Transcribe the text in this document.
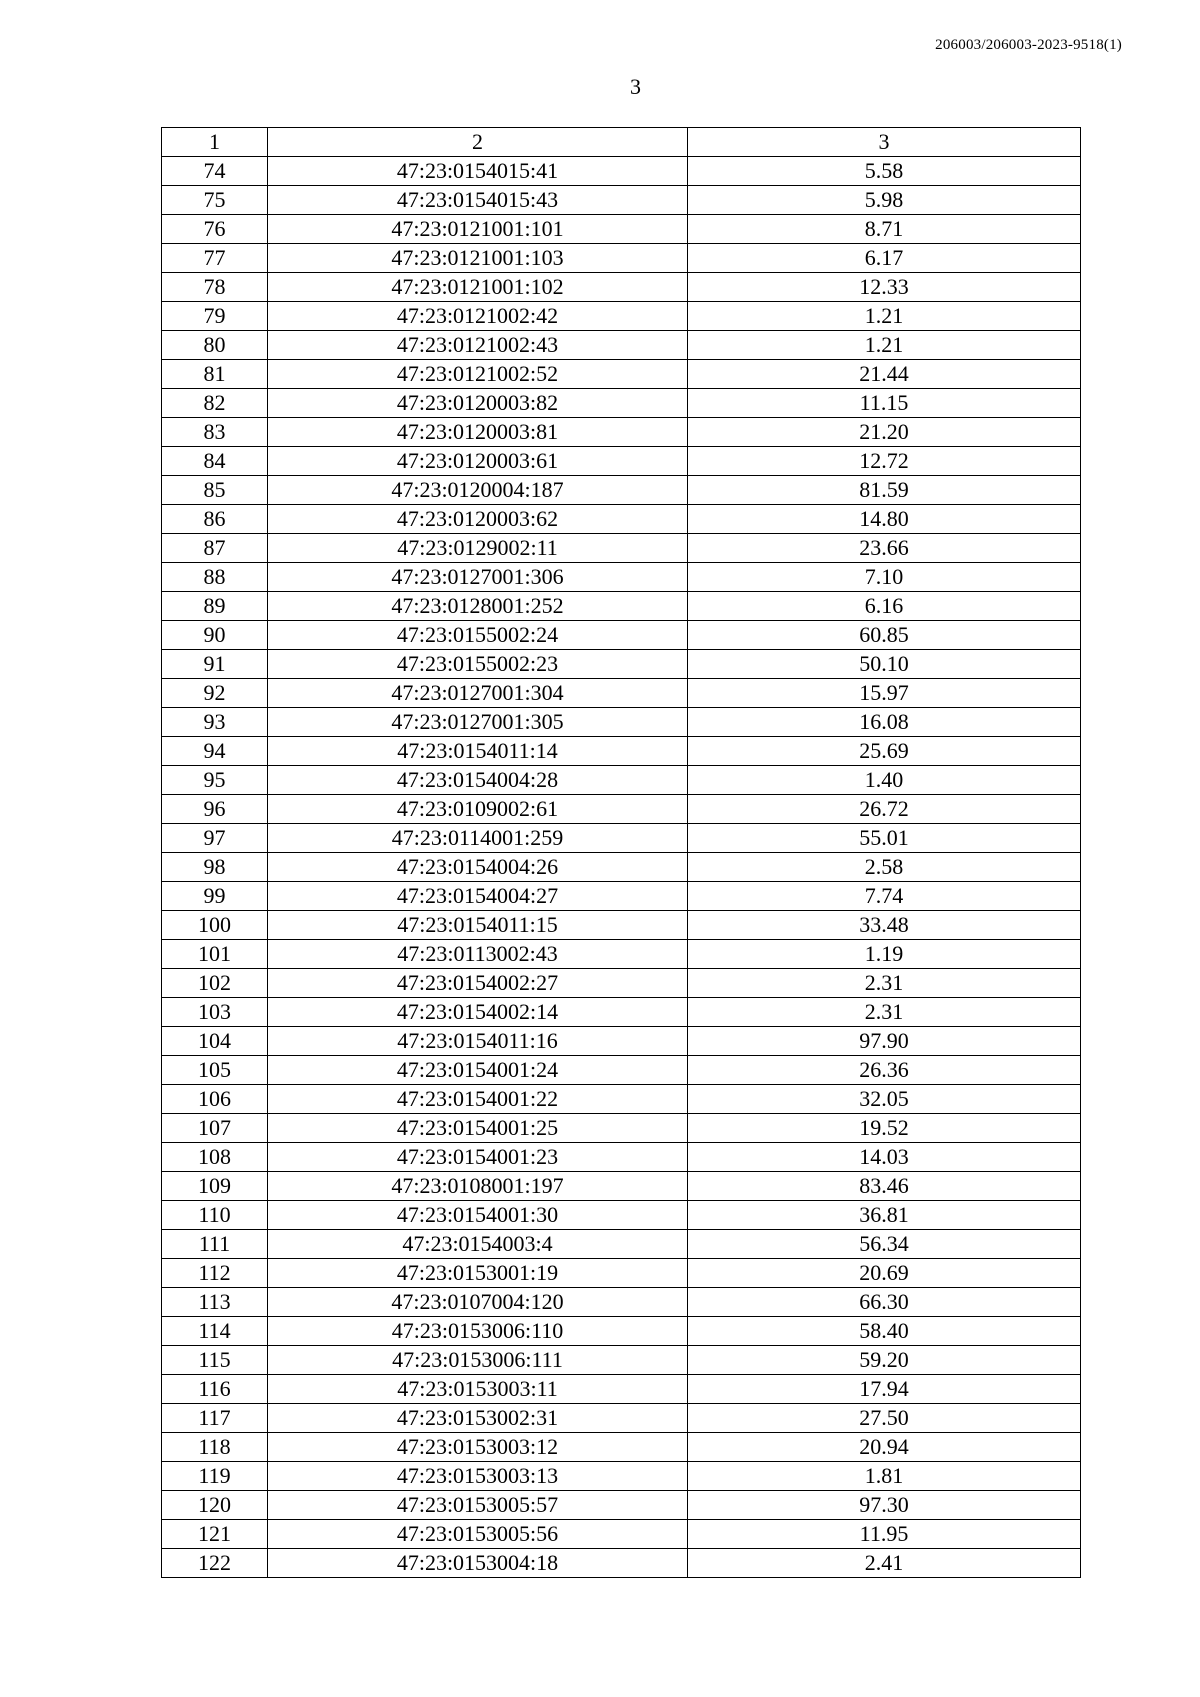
206003/206003-2023-9518(1)
3
1	2	3
74	47:23:0154015:41	5.58
75	47:23:0154015:43	5.98
76	47:23:0121001:101	8.71
77	47:23:0121001:103	6.17
78	47:23:0121001:102	12.33
79	47:23:0121002:42	1.21
80	47:23:0121002:43	1.21
81	47:23:0121002:52	21.44
82	47:23:0120003:82	11.15
83	47:23:0120003:81	21.20
84	47:23:0120003:61	12.72
85	47:23:0120004:187	81.59
86	47:23:0120003:62	14.80
87	47:23:0129002:11	23.66
88	47:23:0127001:306	7.10
89	47:23:0128001:252	6.16
90	47:23:0155002:24	60.85
91	47:23:0155002:23	50.10
92	47:23:0127001:304	15.97
93	47:23:0127001:305	16.08
94	47:23:0154011:14	25.69
95	47:23:0154004:28	1.40
96	47:23:0109002:61	26.72
97	47:23:0114001:259	55.01
98	47:23:0154004:26	2.58
99	47:23:0154004:27	7.74
100	47:23:0154011:15	33.48
101	47:23:0113002:43	1.19
102	47:23:0154002:27	2.31
103	47:23:0154002:14	2.31
104	47:23:0154011:16	97.90
105	47:23:0154001:24	26.36
106	47:23:0154001:22	32.05
107	47:23:0154001:25	19.52
108	47:23:0154001:23	14.03
109	47:23:0108001:197	83.46
110	47:23:0154001:30	36.81
111	47:23:0154003:4	56.34
112	47:23:0153001:19	20.69
113	47:23:0107004:120	66.30
114	47:23:0153006:110	58.40
115	47:23:0153006:111	59.20
116	47:23:0153003:11	17.94
117	47:23:0153002:31	27.50
118	47:23:0153003:12	20.94
119	47:23:0153003:13	1.81
120	47:23:0153005:57	97.30
121	47:23:0153005:56	11.95
122	47:23:0153004:18	2.41
